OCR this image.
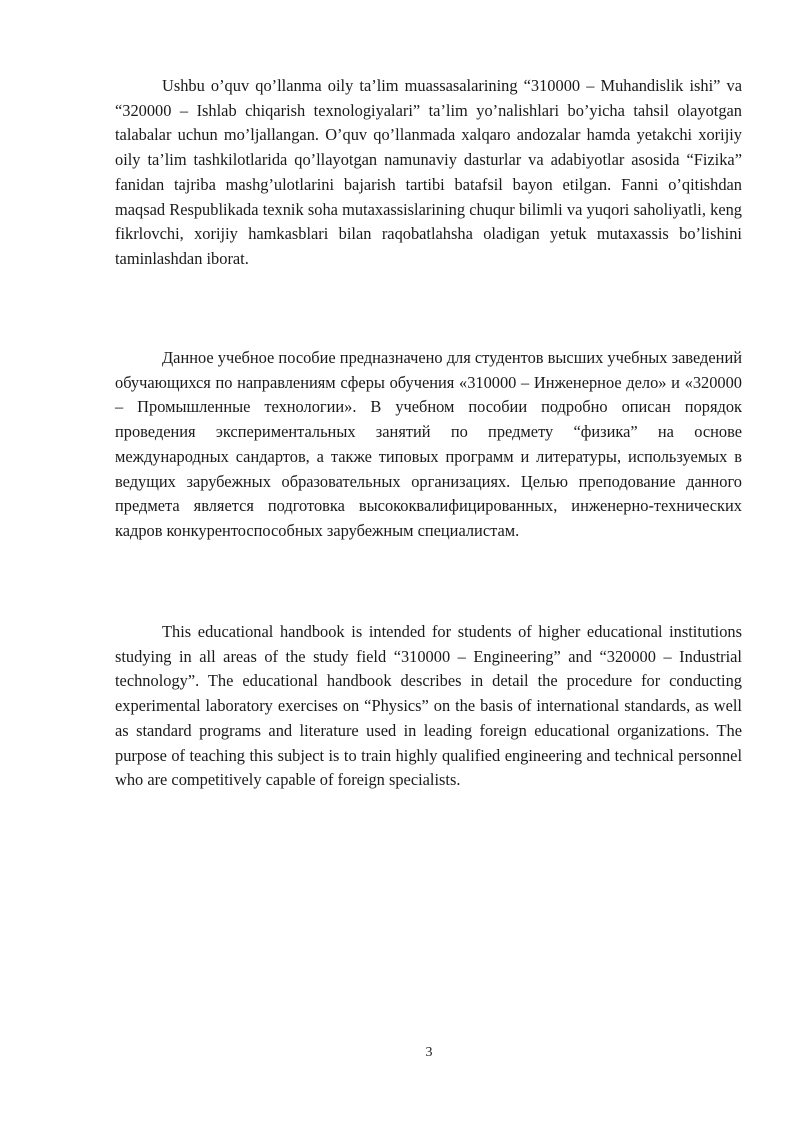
Ushbu o’quv qo’llanma oily ta’lim muassasalarining “310000 – Muhandislik ishi” va “320000 – Ishlab chiqarish texnologiyalari” ta’lim yo’nalishlari bo’yicha tahsil olayotgan talabalar uchun mo’ljallangan. O’quv qo’llanmada xalqaro andozalar hamda yetakchi xorijiy oily ta’lim tashkilotlarida qo’llayotgan namunaviy dasturlar va adabiyotlar asosida “Fizika” fanidan tajriba mashg’ulotlarini bajarish tartibi batafsil bayon etilgan. Fanni o’qitishdan maqsad Respublikada texnik soha mutaxassislarining chuqur bilimli va yuqori saholiyatli, keng fikrlovchi, xorijiy hamkasblari bilan raqobatlahsha oladigan yetuk mutaxassis bo’lishini taminlashdan iborat.

Данное учебное пособие предназначено для студентов высших учебных заведений обучающихся по направлениям сферы обучения «310000 – Инженерное дело» и «320000 – Промышленные технологии». В учебном пособии подробно описан порядок проведения экспериментальных занятий по предмету “физика” на основе международных сандартов, а также типовых программ и литературы, используемых в ведущих зарубежных образовательных организациях. Целью преподование данного предмета является подготовка высококвалифицированных, инженерно-технических кадров конкурентоспособных зарубежным специалистам.

This educational handbook is intended for students of higher educational institutions studying in all areas of the study field “310000 – Engineering” and “320000 – Industrial technology”. The educational handbook describes in detail the procedure for conducting experimental laboratory exercises on “Physics” on the basis of international standards, as well as standard programs and literature used in leading foreign educational organizations. The purpose of teaching this subject is to train highly qualified engineering and technical personnel who are competitively capable of foreign specialists.

3
